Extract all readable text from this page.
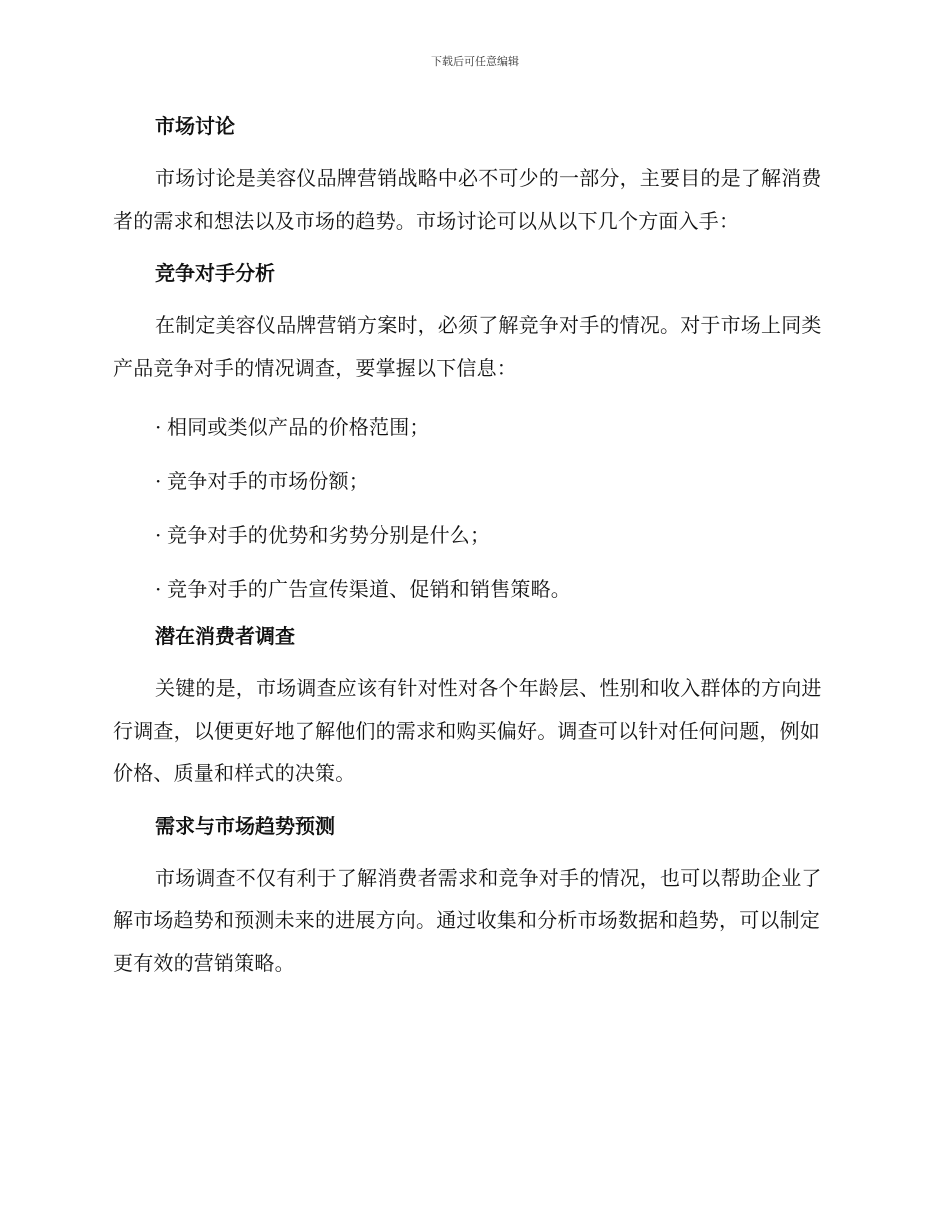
下载后可任意编辑
市场讨论

市场讨论是美容仪品牌营销战略中必不可少的一部分，主要目的是了解消费者的需求和想法以及市场的趋势。市场讨论可以从以下几个方面入手：

竞争对手分析

在制定美容仪品牌营销方案时，必须了解竞争对手的情况。对于市场上同类产品竞争对手的情况调查，要掌握以下信息：

· 相同或类似产品的价格范围；
· 竞争对手的市场份额；
· 竞争对手的优势和劣势分别是什么；
· 竞争对手的广告宣传渠道、促销和销售策略。
潜在消费者调查

关键的是，市场调查应该有针对性对各个年龄层、性别和收入群体的方向进行调查，以便更好地了解他们的需求和购买偏好。调查可以针对任何问题，例如价格、质量和样式的决策。

需求与市场趋势预测

市场调查不仅有利于了解消费者需求和竞争对手的情况，也可以帮助企业了解市场趋势和预测未来的进展方向。通过收集和分析市场数据和趋势，可以制定更有效的营销策略。
